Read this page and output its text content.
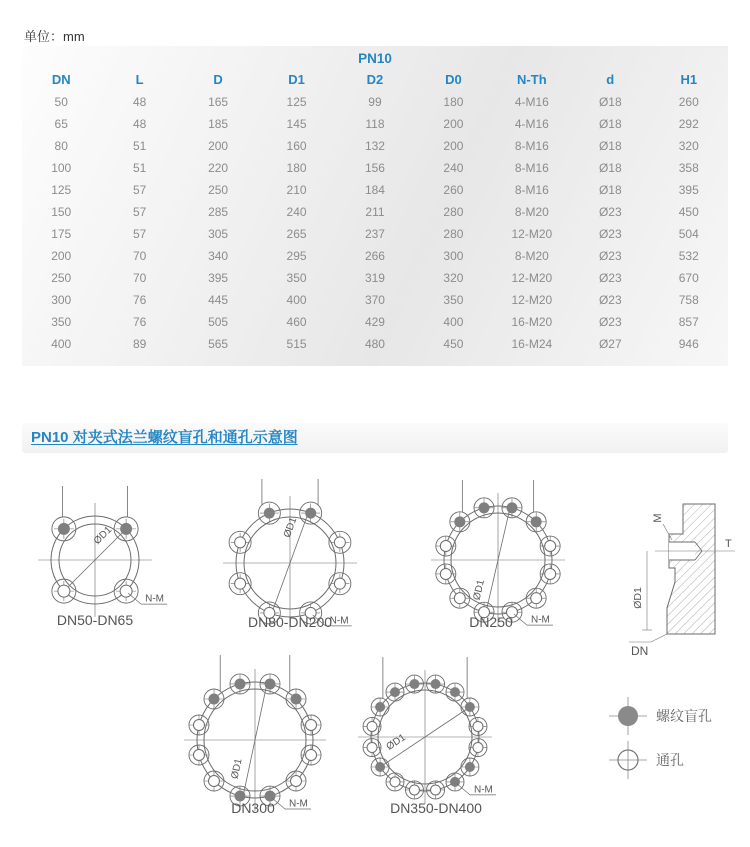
单位：mm
PN10
DN	L	D	D1	D2	D0	N-Th	d	H1
50	48	165	125	99	180	4-M16	Ø18	260
65	48	185	145	118	200	4-M16	Ø18	292
80	51	200	160	132	200	8-M16	Ø18	320
100	51	220	180	156	240	8-M16	Ø18	358
125	57	250	210	184	260	8-M16	Ø18	395
150	57	285	240	211	280	8-M20	Ø23	450
175	57	305	265	237	280	12-M20	Ø23	504
200	70	340	295	266	300	8-M20	Ø23	532
250	70	395	350	319	320	12-M20	Ø23	670
300	76	445	400	370	350	12-M20	Ø23	758
350	76	505	460	429	400	16-M20	Ø23	857
400	89	565	515	480	450	16-M24	Ø27	946
PN10 对夹式法兰螺纹盲孔和通孔示意图
ØD1
N-M
ØD1
N-M
ØD1
N-M
ØD1
N-M
ØD1
N-M
DN50-DN65	DN80-DN200	DN250
DN300	DN350-DN400
M
T
ØD1
DN
螺纹盲孔
通孔
